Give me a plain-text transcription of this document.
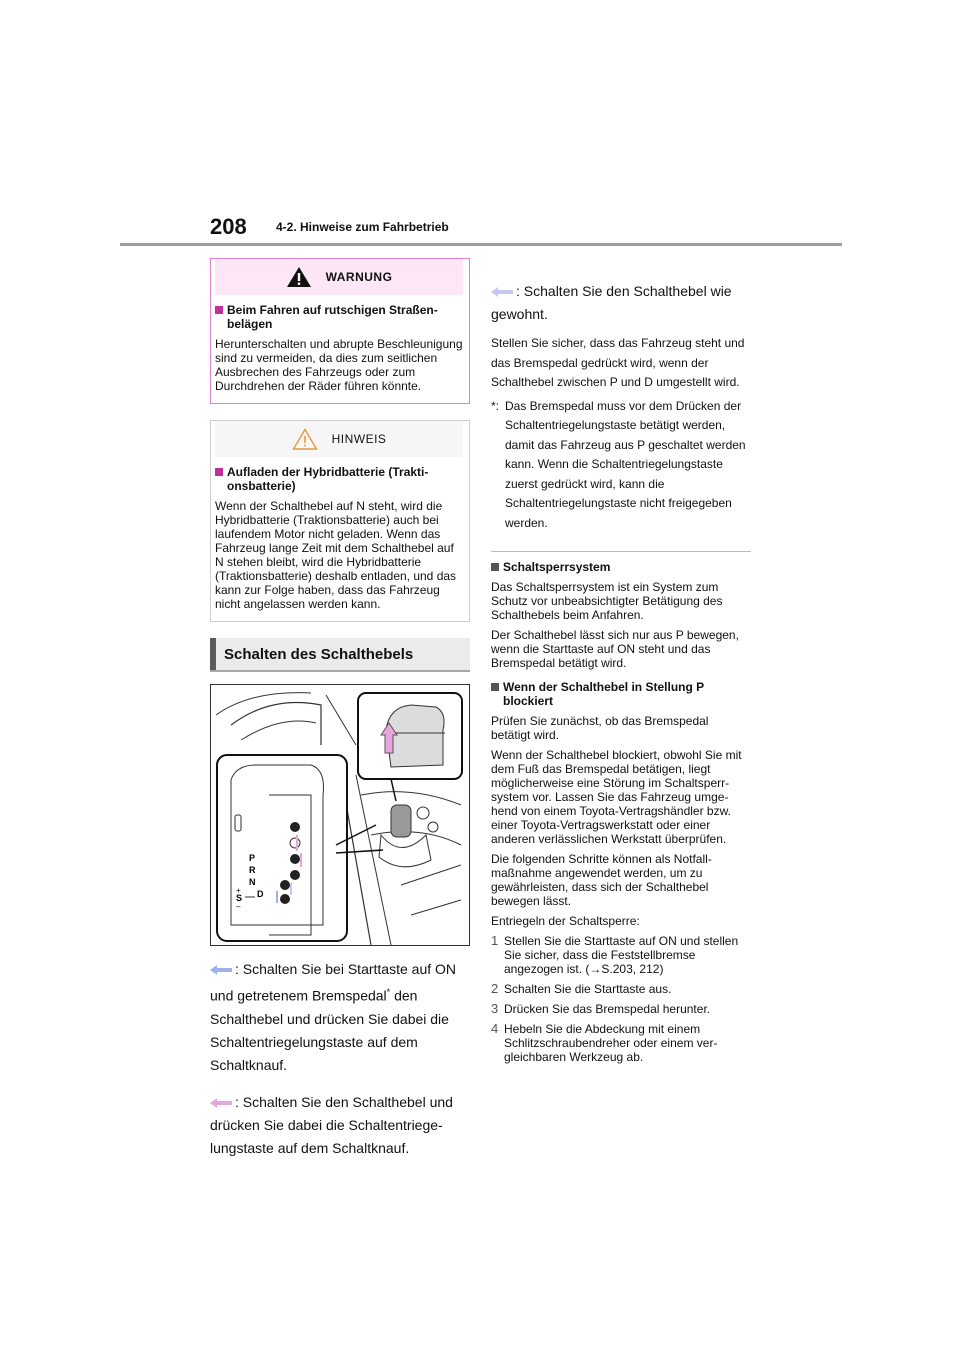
208 4-2. Hinweise zum Fahrbetrieb
WARNUNG
Beim Fahren auf rutschigen Straßenbelägen
Herunterschalten und abrupte Beschleunigung sind zu vermeiden, da dies zum seitlichen Ausbrechen des Fahrzeugs oder zum Durchdrehen der Räder führen könnte.
HINWEIS
Aufladen der Hybridbatterie (Traktionsbatterie)
Wenn der Schalthebel auf N steht, wird die Hybridbatterie (Traktionsbatterie) auch bei laufendem Motor nicht geladen. Wenn das Fahrzeug lange Zeit mit dem Schalthebel auf N stehen bleibt, wird die Hybridbatterie (Traktionsbatterie) deshalb entladen, und das kann zur Folge haben, dass das Fahrzeug nicht angelassen werden kann.
Schalten des Schalthebels
P
R
N
D
+
S
–
: Schalten Sie bei Starttaste auf ON und getretenem Bremspedal* den Schalthebel und drücken Sie dabei die Schaltentriegelungstaste auf dem Schaltknauf.
: Schalten Sie den Schalthebel und drücken Sie dabei die Schaltentriegelungstaste auf dem Schaltknauf.
: Schalten Sie den Schalthebel wie gewohnt.
Stellen Sie sicher, dass das Fahrzeug steht und das Bremspedal gedrückt wird, wenn der Schalthebel zwischen P und D umgestellt wird.
*: Das Bremspedal muss vor dem Drücken der Schaltentriegelungstaste betätigt werden, damit das Fahrzeug aus P geschaltet werden kann. Wenn die Schaltentriegelungstaste zuerst gedrückt wird, kann die Schaltentriegelungstaste nicht freigegeben werden.
Schaltsperrsystem
Das Schaltsperrsystem ist ein System zum Schutz vor unbeabsichtigter Betätigung des Schalthebels beim Anfahren.
Der Schalthebel lässt sich nur aus P bewegen, wenn die Starttaste auf ON steht und das Bremspedal betätigt wird.
Wenn der Schalthebel in Stellung P blockiert
Prüfen Sie zunächst, ob das Bremspedal betätigt wird.
Wenn der Schalthebel blockiert, obwohl Sie mit dem Fuß das Bremspedal betätigen, liegt möglicherweise eine Störung im Schaltsperrsystem vor. Lassen Sie das Fahrzeug umgehend von einem Toyota-Vertragshändler bzw. einer Toyota-Vertragswerkstatt oder einer anderen verlässlichen Werkstatt überprüfen.
Die folgenden Schritte können als Notfallmaßnahme angewendet werden, um zu gewährleisten, dass sich der Schalthebel bewegen lässt.
Entriegeln der Schaltsperre:
1 Stellen Sie die Starttaste auf ON und stellen Sie sicher, dass die Feststellbremse angezogen ist. (→S.203, 212)
2 Schalten Sie die Starttaste aus.
3 Drücken Sie das Bremspedal herunter.
4 Hebeln Sie die Abdeckung mit einem Schlitzschraubendreher oder einem vergleichbaren Werkzeug ab.
